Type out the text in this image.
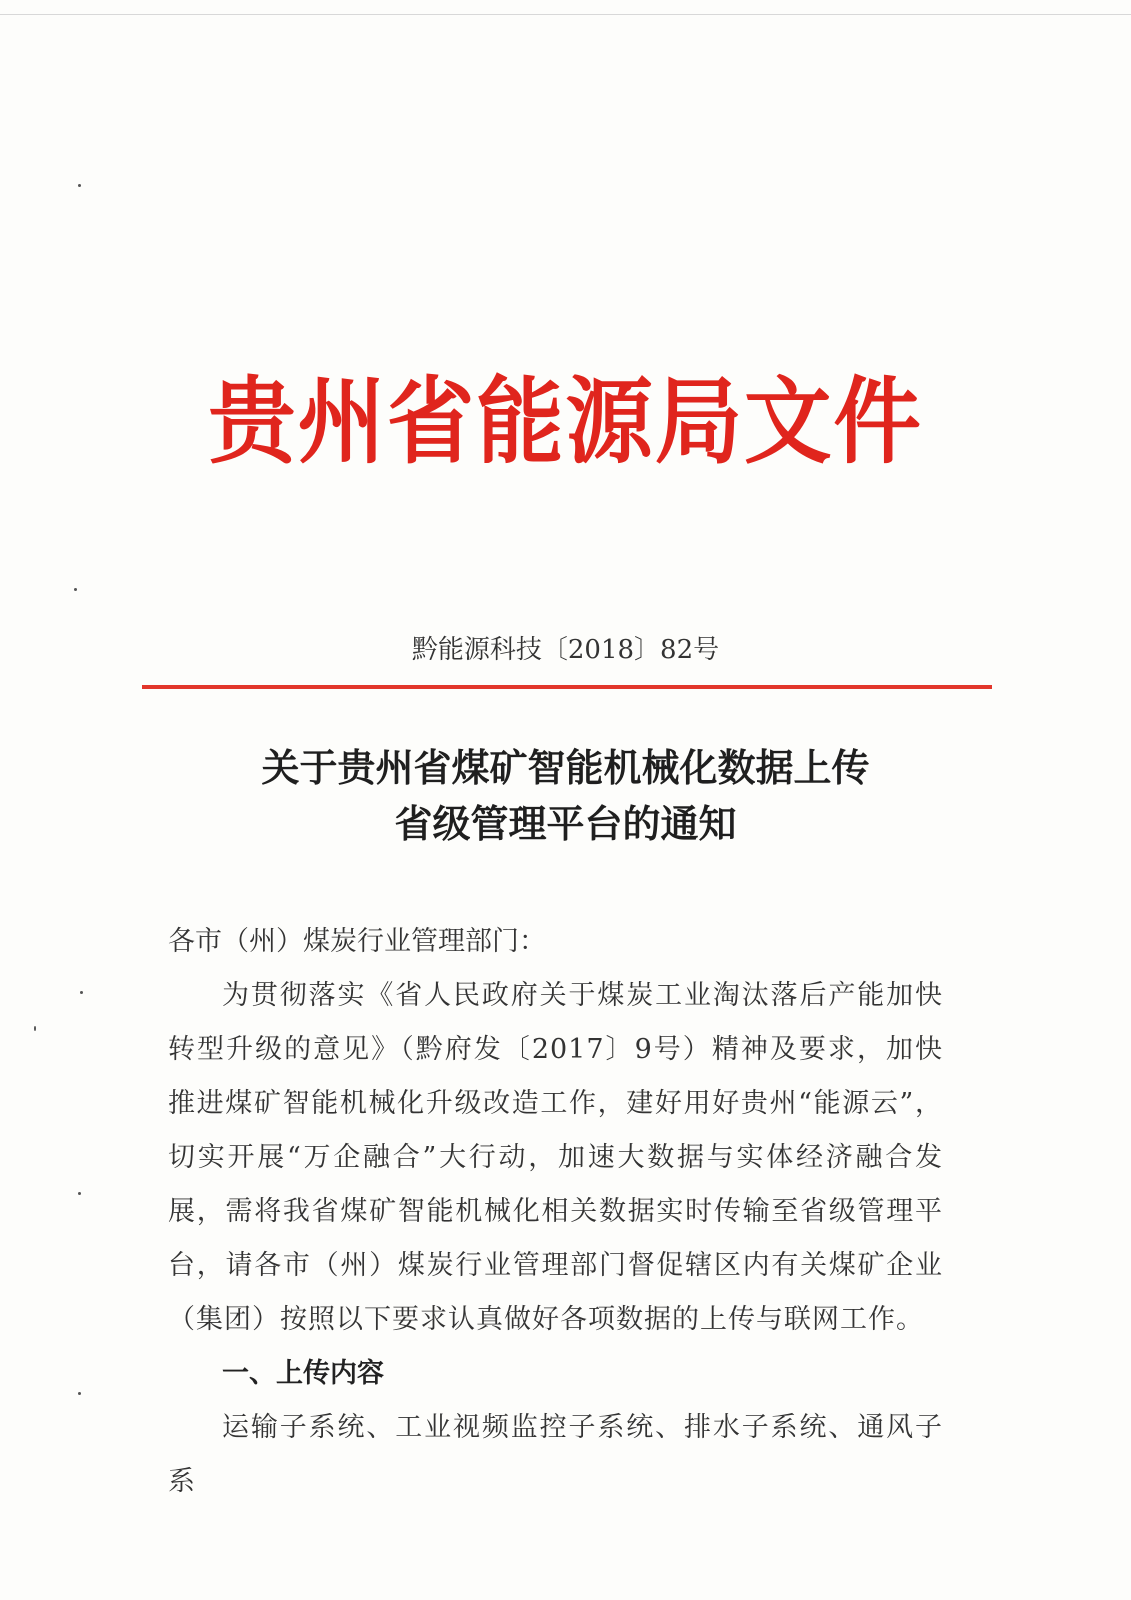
贵州省能源局文件
黔能源科技〔2018〕82号
关于贵州省煤矿智能机械化数据上传
省级管理平台的通知

各市（州）煤炭行业管理部门：

为贯彻落实《省人民政府关于煤炭工业淘汰落后产能加快转型升级的意见》（黔府发〔2017〕9号）精神及要求，加快推进煤矿智能机械化升级改造工作，建好用好贵州“能源云”，切实开展“万企融合”大行动，加速大数据与实体经济融合发展，需将我省煤矿智能机械化相关数据实时传输至省级管理平台，请各市（州）煤炭行业管理部门督促辖区内有关煤矿企业（集团）按照以下要求认真做好各项数据的上传与联网工作。

一、上传内容

运输子系统、工业视频监控子系统、排水子系统、通风子系
